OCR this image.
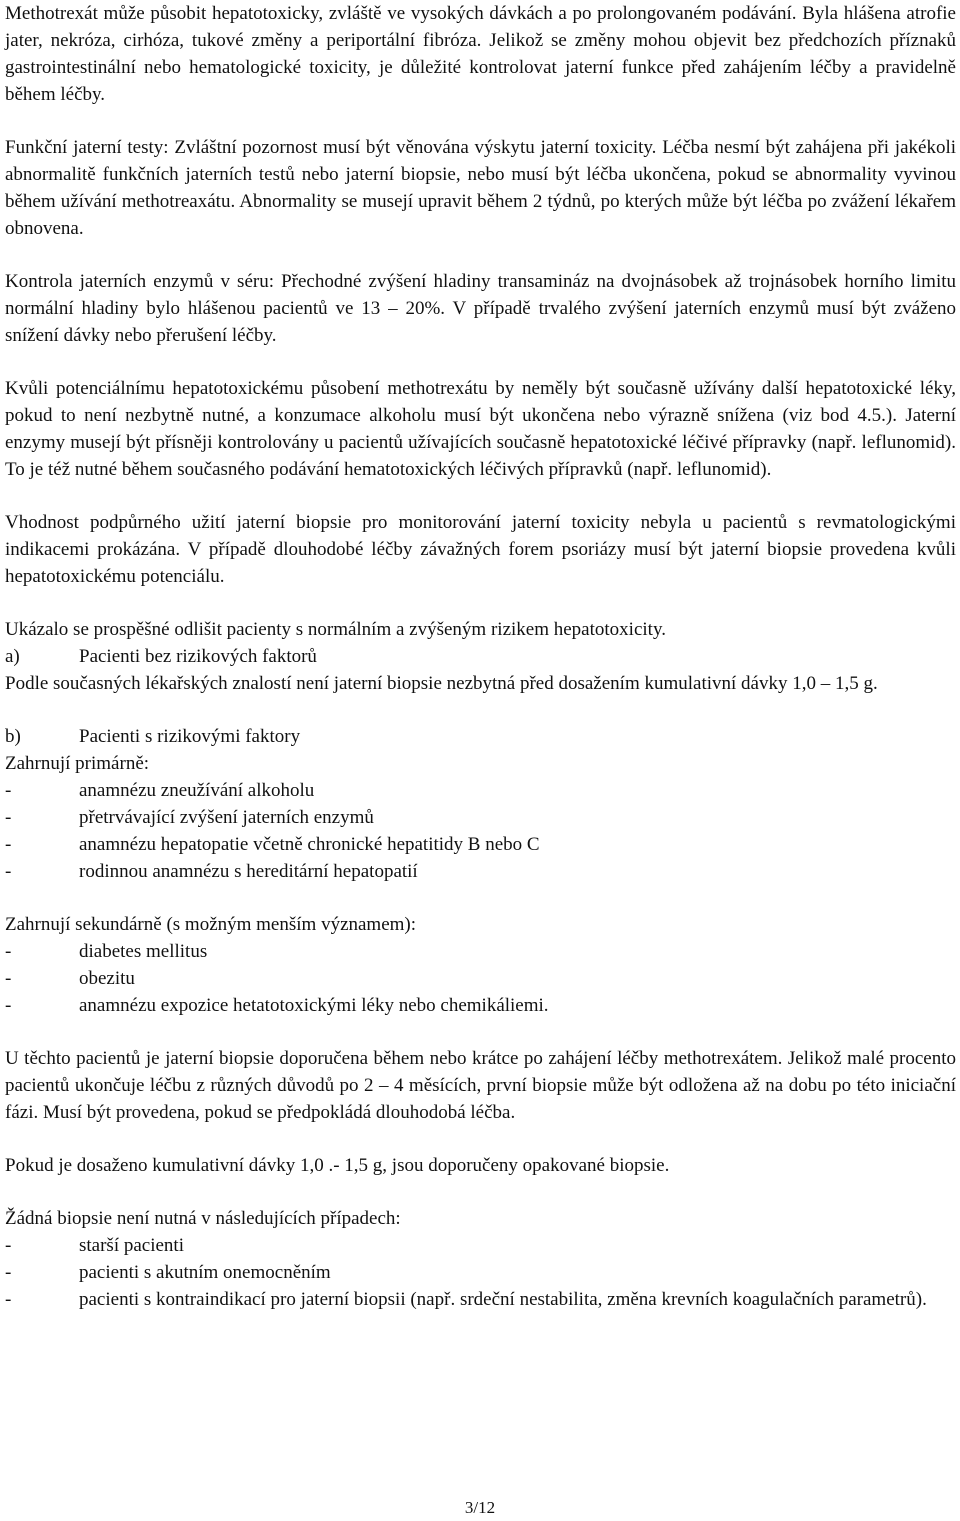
Methotrexát může působit hepatotoxicky, zvláště ve vysokých dávkách a po prolongovaném podávání. Byla hlášena atrofie jater, nekróza, cirhóza, tukové změny a periportální fibróza. Jelikož se změny mohou objevit bez předchozích příznaků gastrointestinální nebo hematologické toxicity, je důležité kontrolovat jaterní funkce před zahájením léčby a pravidelně během léčby.

Funkční jaterní testy: Zvláštní pozornost musí být věnována výskytu jaterní toxicity. Léčba nesmí být zahájena při jakékoli abnormalitě funkčních jaterních testů nebo jaterní biopsie, nebo musí být léčba ukončena, pokud se abnormality vyvinou během užívání methotreaxátu. Abnormality se musejí upravit během 2 týdnů, po kterých může být léčba po zvážení lékařem obnovena.

Kontrola jaterních enzymů v séru: Přechodné zvýšení hladiny transamináz na dvojnásobek až trojnásobek horního limitu normální hladiny bylo hlášenou pacientů ve 13 – 20%. V případě trvalého zvýšení jaterních enzymů musí být zváženo snížení dávky nebo přerušení léčby.

Kvůli potenciálnímu hepatotoxickému působení methotrexátu by neměly být současně užívány další hepatotoxické léky, pokud to není nezbytně nutné, a konzumace alkoholu musí být ukončena nebo výrazně snížena (viz bod 4.5.). Jaterní enzymy musejí být přísněji kontrolovány u pacientů užívajících současně hepatotoxické léčivé přípravky (např. leflunomid). To je též nutné během současného podávání hematotoxických léčivých přípravků (např. leflunomid).

Vhodnost podpůrného užití jaterní biopsie pro monitorování jaterní toxicity nebyla u pacientů s revmatologickými indikacemi prokázána. V případě dlouhodobé léčby závažných forem psoriázy musí být jaterní biopsie provedena kvůli hepatotoxickému potenciálu.

Ukázalo se prospěšné odlišit pacienty s normálním a zvýšeným rizikem hepatotoxicity.

a)	Pacienti bez rizikových faktorů

Podle současných lékařských znalostí není jaterní biopsie nezbytná před dosažením kumulativní dávky 1,0 – 1,5 g.

b)	Pacienti s rizikovými faktory

Zahrnují primárně:

-	anamnézu zneužívání alkoholu
-	přetrvávající zvýšení jaterních enzymů
-	anamnézu hepatopatie včetně chronické hepatitidy B nebo C
-	rodinnou anamnézu s hereditární hepatopatií

Zahrnují sekundárně (s možným menším významem):

-	diabetes mellitus
-	obezitu
-	anamnézu expozice hetatotoxickými léky nebo chemikáliemi.

U těchto pacientů je jaterní biopsie doporučena během nebo krátce po zahájení léčby methotrexátem. Jelikož malé procento pacientů ukončuje léčbu z různých důvodů po 2 – 4 měsících, první biopsie může být odložena až na dobu po této iniciační fázi. Musí být provedena, pokud se předpokládá dlouhodobá léčba.

Pokud je dosaženo kumulativní dávky 1,0 .- 1,5 g, jsou doporučeny opakované biopsie.

Žádná biopsie není nutná v následujících případech:

-	starší pacienti
-	pacienti s akutním onemocněním
-	pacienti s kontraindikací pro jaterní biopsii (např. srdeční nestabilita, změna krevních koagulačních parametrů).
3/12
